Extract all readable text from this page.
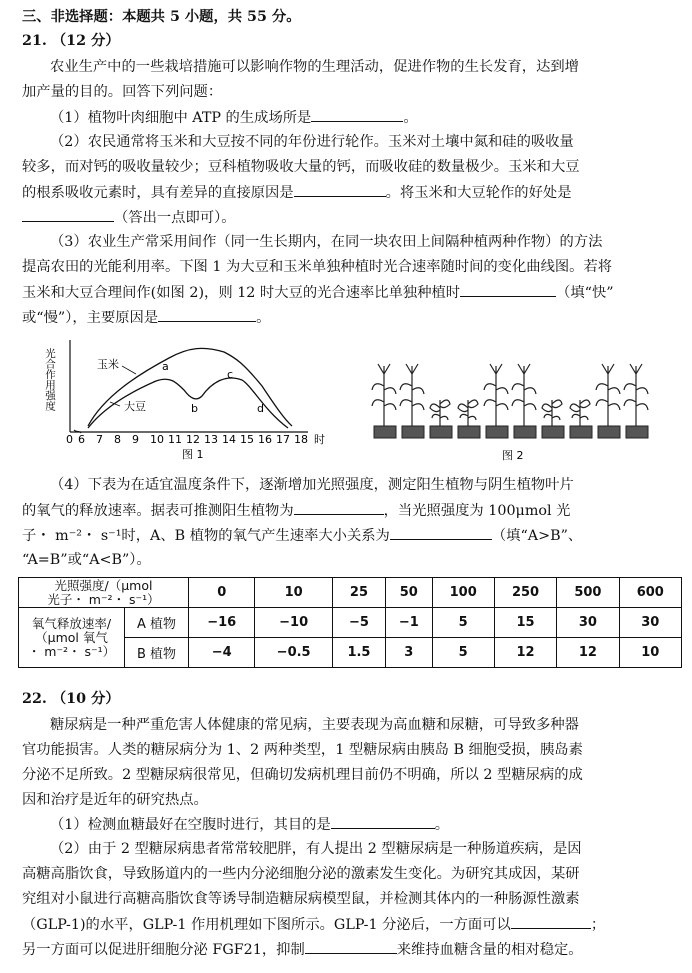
三、非选择题：本题共 5 小题，共 55 分。
21. （12 分）
农业生产中的一些栽培措施可以影响作物的生理活动，促进作物的生长发育，达到增
加产量的目的。回答下列问题：
（1）植物叶肉细胞中 ATP 的生成场所是	。
（2）农民通常将玉米和大豆按不同的年份进行轮作。玉米对土壤中氮和硅的吸收量
较多，而对钙的吸收量较少；豆科植物吸收大量的钙，而吸收硅的数量极少。玉米和大豆
的根系吸收元素时，具有差异的直接原因是	。将玉米和大豆轮作的好处是
（答出一点即可）。
（3）农业生产常采用间作（同一生长期内，在同一块农田上间隔种植两种作物）的方法
提高农田的光能利用率。下图 1 为大豆和玉米单独种植时光合速率随时间的变化曲线图。若将
玉米和大豆合理间作(如图 2)，则 12 时大豆的光合速率比单独种植时	（填“快”
或“慢”），主要原因是	。
光合作用强度	玉米
大豆
a
b
c
d
0 6 7 8 9 10 11 12 13 14 15 16 17 18 时
图 1	图 2
（4）下表为在适宜温度条件下，逐渐增加光照强度，测定阳生植物与阴生植物叶片
的氧气的释放速率。据表可推测阳生植物为	，当光照强度为 100μmol 光
子・ m⁻²・ s⁻¹时，A、B 植物的氧气产生速率大小关系为	（填“A>B”、
“A=B”或“A<B”）。
光照强度/（μmol
光子・ m⁻²・ s⁻¹）		0	10	25	50	100	250	500	600

氧气释放速率/
（μmol 氧气
・ m⁻²・ s⁻¹）	A 植物	−16	−10	−5	−1	5	15	30	30
	B 植物	−4	−0.5	1.5	3	5	12	12	10
22. （10 分）
糖尿病是一种严重危害人体健康的常见病，主要表现为高血糖和尿糖，可导致多种器
官功能损害。人类的糖尿病分为 1、2 两种类型，1 型糖尿病由胰岛 B 细胞受损，胰岛素
分泌不足所致。2 型糖尿病很常见，但确切发病机理目前仍不明确，所以 2 型糖尿病的成
因和治疗是近年的研究热点。
（1）检测血糖最好在空腹时进行，其目的是	。
（2）由于 2 型糖尿病患者常常较肥胖，有人提出 2 型糖尿病是一种肠道疾病，是因
高糖高脂饮食，导致肠道内的一些内分泌细胞分泌的激素发生变化。为研究其成因，某研
究组对小鼠进行高糖高脂饮食等诱导制造糖尿病模型鼠，并检测其体内的一种肠源性激素
（GLP-1)的水平，GLP-1 作用机理如下图所示。GLP-1 分泌后，一方面可以	；
另一方面可以促进肝细胞分泌 FGF21，抑制	来维持血糖含量的相对稳定。
